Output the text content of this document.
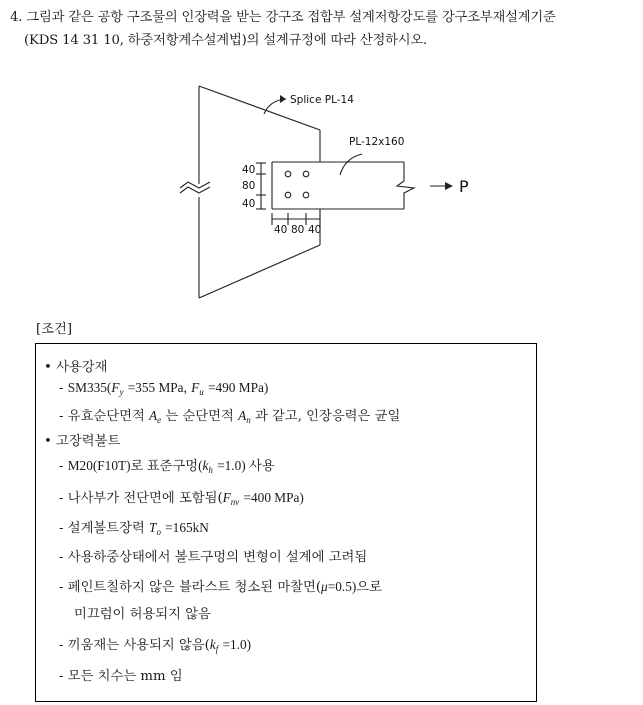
4. 그림과 같은 공항 구조물의 인장력을 받는 강구조 접합부 설계저항강도를 강구조부재설계기준
(KDS 14 31 10, 하중저항계수설계법)의 설계규정에 따라 산정하시오.
Splice PL-14
PL-12x160
40
80
40
40 80 40
P
[조건]
• 사용강재
- $SM335(F_y =355$ MPa, $F_u =490$ MPa)
- 유효순단면적 $A_e$ 는 순단면적 $A_n$ 과 같고, 인장응력은 균일
• 고장력볼트
- M20(F10T)로 표준구멍$(k_h =1.0)$ 사용
- 나사부가 전단면에 포함됨($F_{nv} =400$ MPa)
- 설계볼트장력 $T_o =165kN$
- 사용하중상태에서 볼트구멍의 변형이 설계에 고려됨
- 페인트칠하지 않은 블라스트 청소된 마찰면(μ=0.5)으로
미끄럼이 허용되지 않음
- 끼움재는 사용되지 않음$(k_f =1.0)$
- 모든 치수는 mm 임
